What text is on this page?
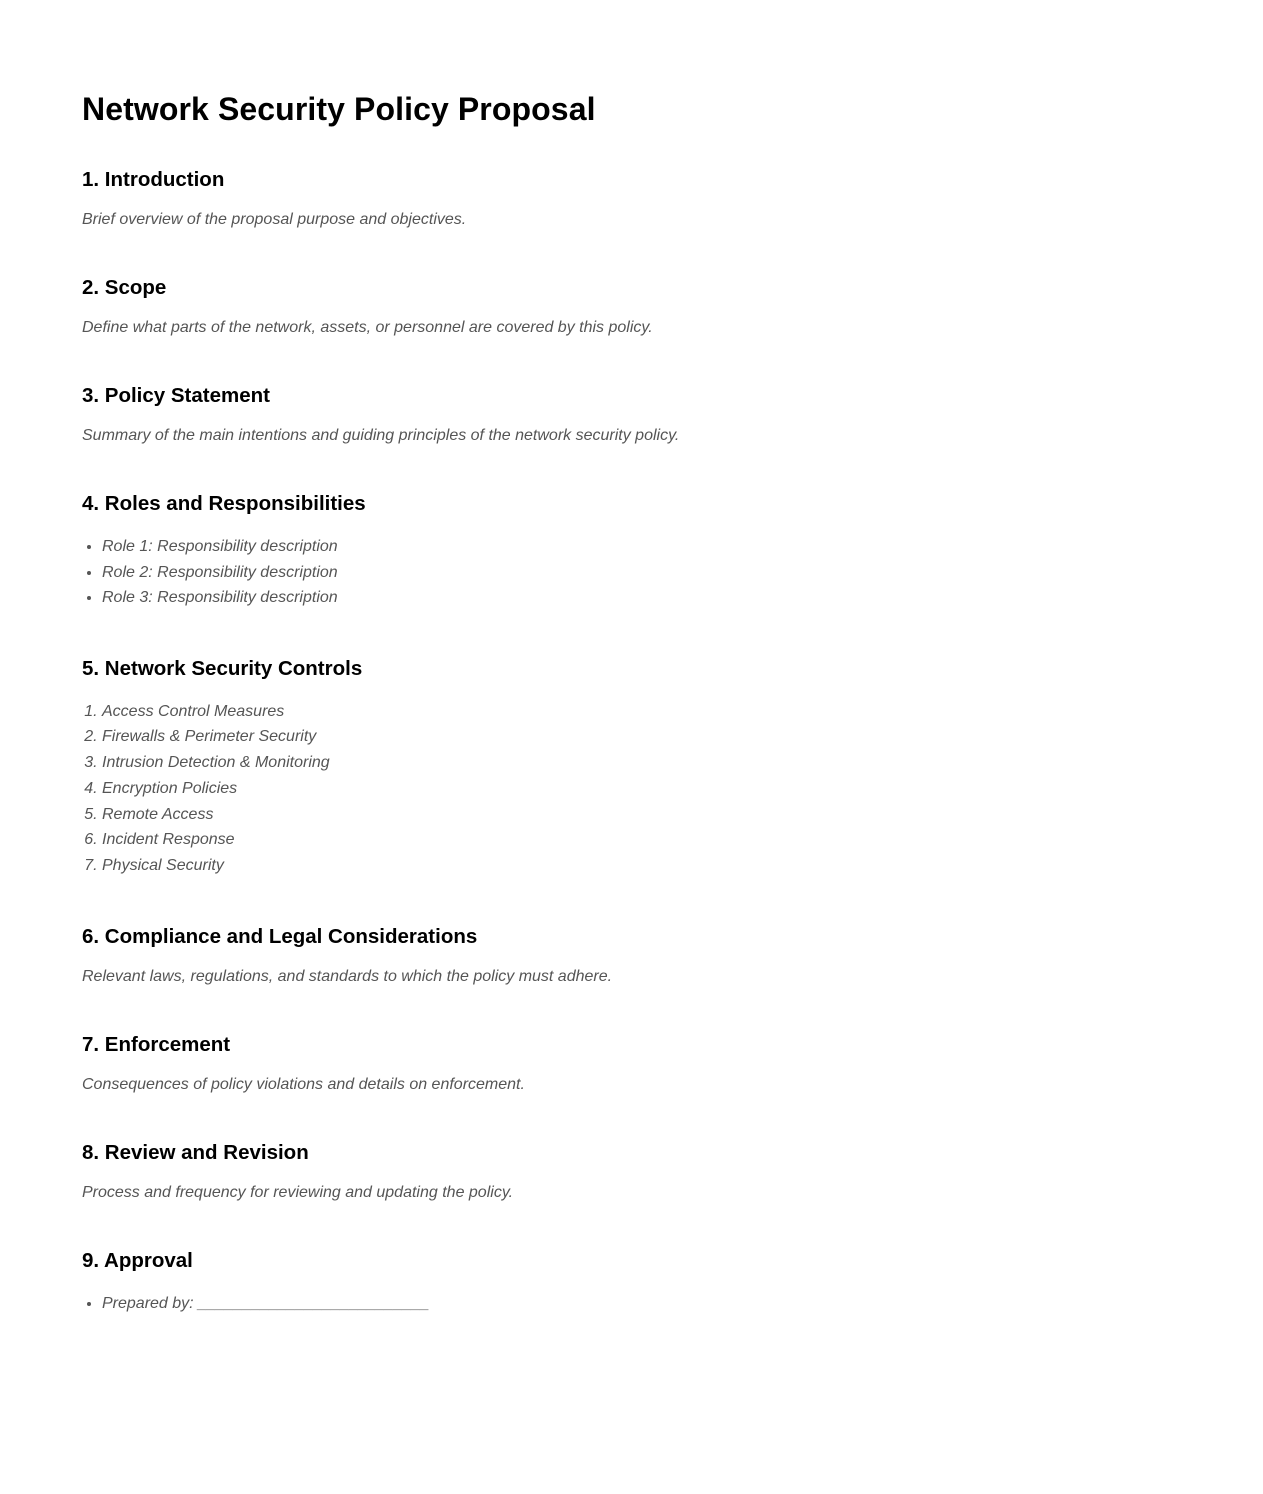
Network Security Policy Proposal
1. Introduction

Brief overview of the proposal purpose and objectives.

2. Scope

Define what parts of the network, assets, or personnel are covered by this policy.

3. Policy Statement

Summary of the main intentions and guiding principles of the network security policy.

4. Roles and Responsibilities
• Role 1: Responsibility description
• Role 2: Responsibility description
• Role 3: Responsibility description
5. Network Security Controls
1. Access Control Measures
2. Firewalls & Perimeter Security
3. Intrusion Detection & Monitoring
4. Encryption Policies
5. Remote Access
6. Incident Response
7. Physical Security
6. Compliance and Legal Considerations

Relevant laws, regulations, and standards to which the policy must adhere.

7. Enforcement

Consequences of policy violations and details on enforcement.

8. Review and Revision

Process and frequency for reviewing and updating the policy.

9. Approval
• Prepared by: __________________________
